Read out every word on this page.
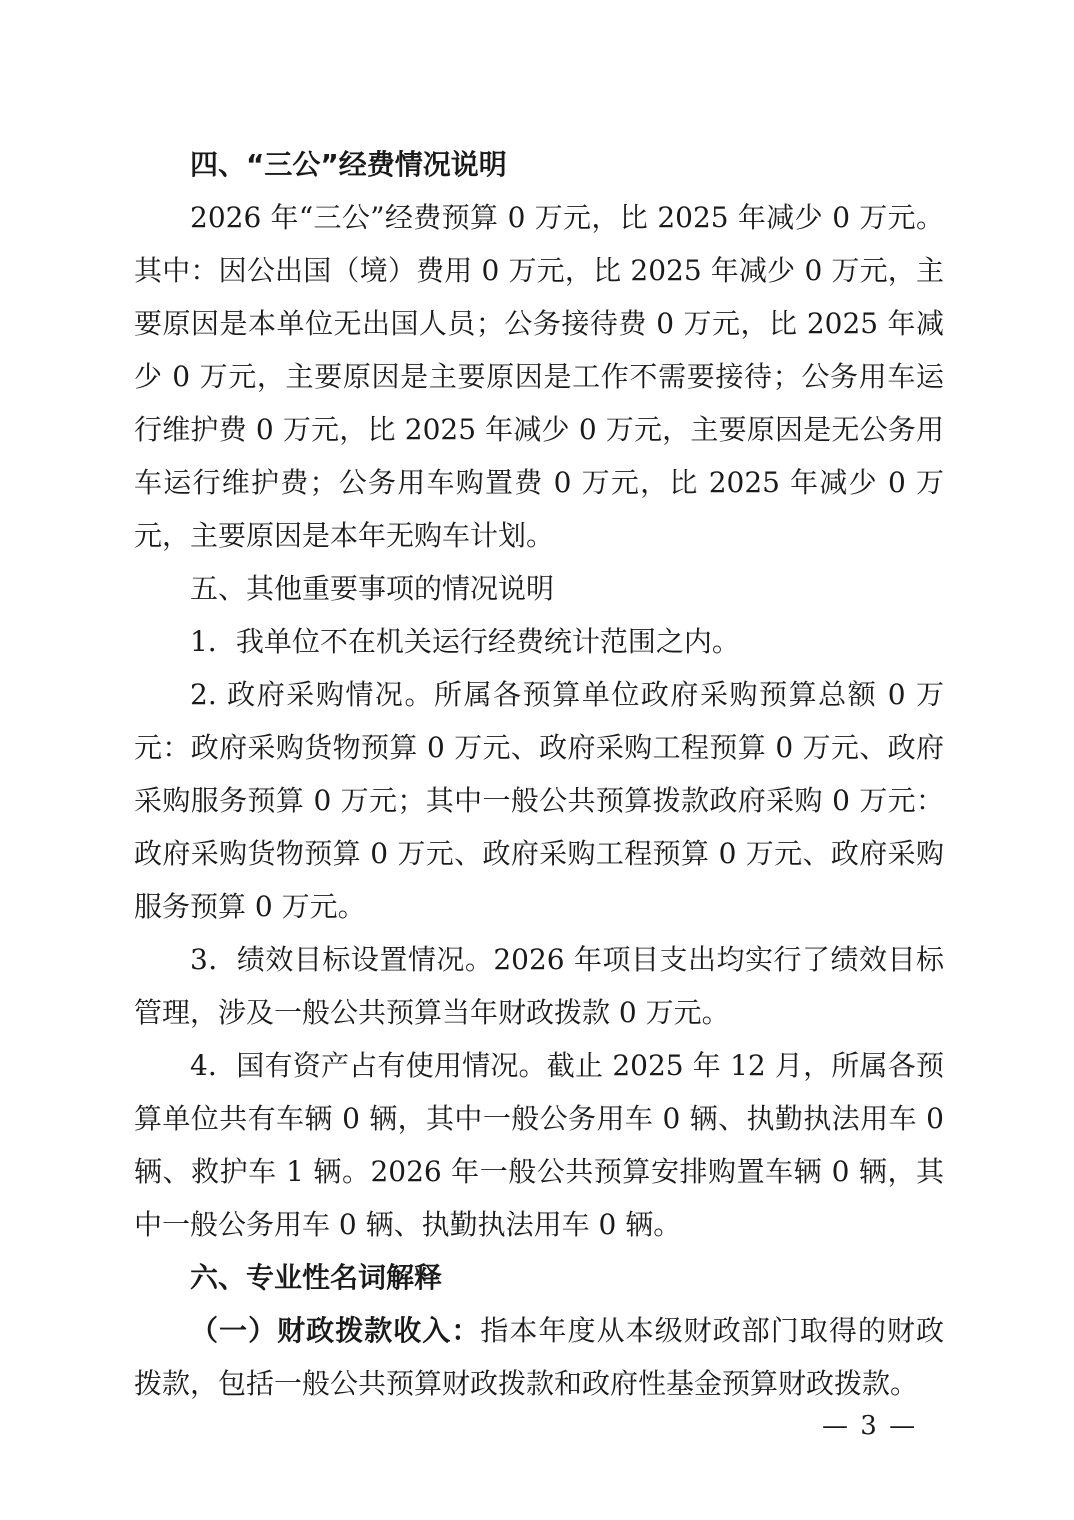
四、“三公”经费情况说明

2026 年“三公”经费预算 0 万元，比 2025 年减少 0 万元。其中：因公出国（境）费用 0 万元，比 2025 年减少 0 万元，主要原因是本单位无出国人员；公务接待费 0 万元，比 2025 年减少 0 万元，主要原因是主要原因是工作不需要接待；公务用车运行维护费 0 万元，比 2025 年减少 0 万元，主要原因是无公务用车运行维护费；公务用车购置费 0 万元，比 2025 年减少 0 万元，主要原因是本年无购车计划。

五、其他重要事项的情况说明

1．我单位不在机关运行经费统计范围之内。

2. 政府采购情况。所属各预算单位政府采购预算总额 0 万元：政府采购货物预算 0 万元、政府采购工程预算 0 万元、政府采购服务预算 0 万元；其中一般公共预算拨款政府采购 0 万元：政府采购货物预算 0 万元、政府采购工程预算 0 万元、政府采购服务预算 0 万元。

3．绩效目标设置情况。2026 年项目支出均实行了绩效目标管理，涉及一般公共预算当年财政拨款 0 万元。

4．国有资产占有使用情况。截止 2025 年 12 月，所属各预算单位共有车辆 0 辆，其中一般公务用车 0 辆、执勤执法用车 0 辆、救护车 1 辆。2026 年一般公共预算安排购置车辆 0 辆，其中一般公务用车 0 辆、执勤执法用车 0 辆。

六、专业性名词解释

（一）财政拨款收入：指本年度从本级财政部门取得的财政拨款，包括一般公共预算财政拨款和政府性基金预算财政拨款。

— 3 —
